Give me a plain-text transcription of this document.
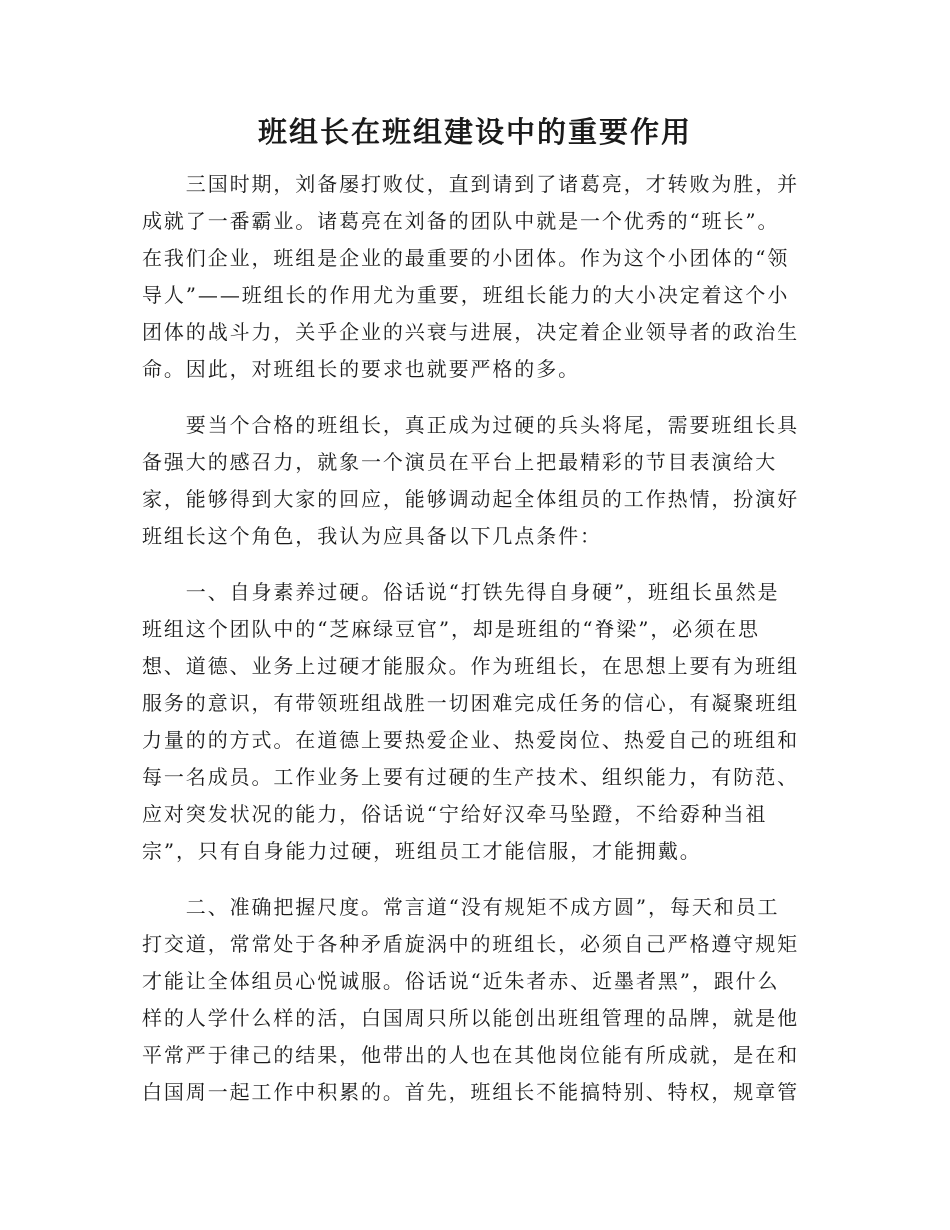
班组长在班组建设中的重要作用
　　三国时期，刘备屡打败仗，直到请到了诸葛亮，才转败为胜，并
成就了一番霸业。诸葛亮在刘备的团队中就是一个优秀的“班长”。
在我们企业，班组是企业的最重要的小团体。作为这个小团体的“领
导人”——班组长的作用尤为重要，班组长能力的大小决定着这个小
团体的战斗力，关乎企业的兴衰与进展，决定着企业领导者的政治生
命。因此，对班组长的要求也就要严格的多。
　　要当个合格的班组长，真正成为过硬的兵头将尾，需要班组长具
备强大的感召力，就象一个演员在平台上把最精彩的节目表演给大
家，能够得到大家的回应，能够调动起全体组员的工作热情，扮演好
班组长这个角色，我认为应具备以下几点条件：
　　一、自身素养过硬。俗话说“打铁先得自身硬”，班组长虽然是
班组这个团队中的“芝麻绿豆官”，却是班组的“脊梁”，必须在思
想、道德、业务上过硬才能服众。作为班组长，在思想上要有为班组
服务的意识，有带领班组战胜一切困难完成任务的信心，有凝聚班组
力量的的方式。在道德上要热爱企业、热爱岗位、热爱自己的班组和
每一名成员。工作业务上要有过硬的生产技术、组织能力，有防范、
应对突发状况的能力，俗话说“宁给好汉牵马坠蹬，不给孬种当祖
宗”，只有自身能力过硬，班组员工才能信服，才能拥戴。
　　二、准确把握尺度。常言道“没有规矩不成方圆”，每天和员工
打交道，常常处于各种矛盾旋涡中的班组长，必须自己严格遵守规矩
才能让全体组员心悦诚服。俗话说“近朱者赤、近墨者黑”，跟什么
样的人学什么样的活，白国周只所以能创出班组管理的品牌，就是他
平常严于律己的结果，他带出的人也在其他岗位能有所成就，是在和
白国周一起工作中积累的。首先，班组长不能搞特别、特权，规章管
